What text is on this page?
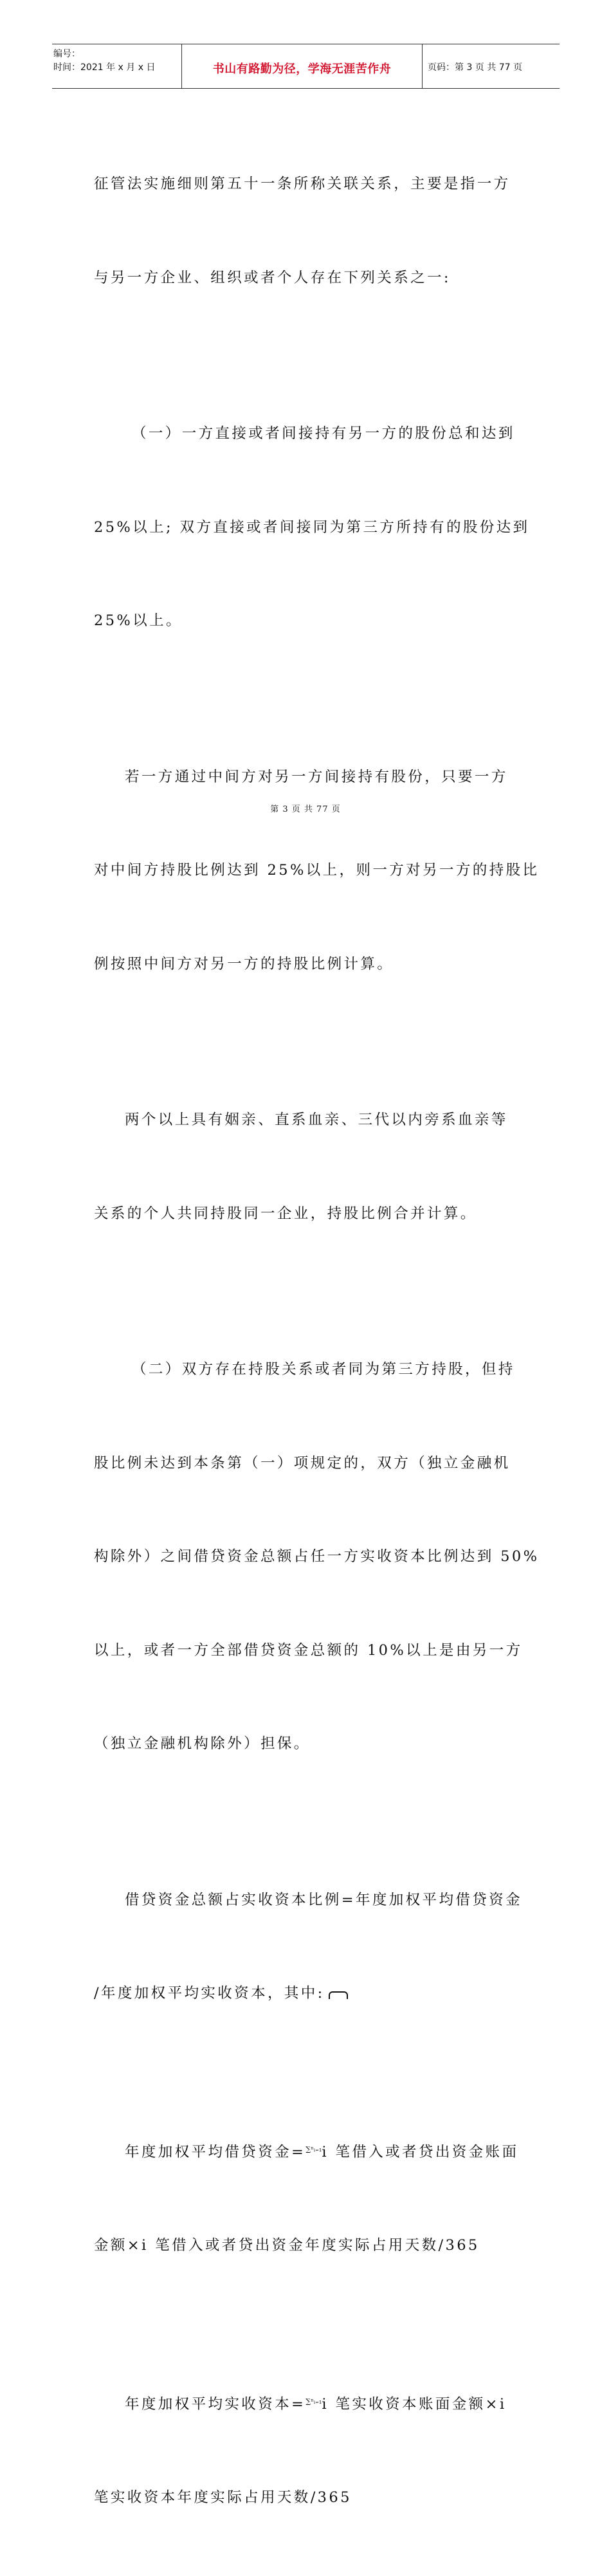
编号：
时间：2021 年 x 月 x 日	书山有路勤为径，学海无涯苦作舟	页码：第 3 页 共 77 页

征管法实施细则第五十一条所称关联关系，主要是指一方

与另一方企业、组织或者个人存在下列关系之一:

（一）一方直接或者间接持有另一方的股份总和达到

25%以上; 双方直接或者间接同为第三方所持有的股份达到

25%以上。

若一方通过中间方对另一方间接持有股份，只要一方

对中间方持股比例达到 25%以上，则一方对另一方的持股比

例按照中间方对另一方的持股比例计算。

两个以上具有姻亲、直系血亲、三代以内旁系血亲等

关系的个人共同持股同一企业，持股比例合并计算。

（二）双方存在持股关系或者同为第三方持股，但持

股比例未达到本条第（一）项规定的，双方（独立金融机

构除外）之间借贷资金总额占任一方实收资本比例达到 50%

以上，或者一方全部借贷资金总额的 10%以上是由另一方

（独立金融机构除外）担保。

借贷资金总额占实收资本比例=年度加权平均借贷资金

/年度加权平均实收资本，其中:

年度加权平均借贷资金=$^{\sum^nᵢ_{=1}}$i 笔借入或者贷出资金账面

金额×i 笔借入或者贷出资金年度实际占用天数/365

年度加权平均实收资本=$^{\sum^nᵢ_{=1}}$i 笔实收资本账面金额×i

笔实收资本年度实际占用天数/365

第 3 页 共 77 页
